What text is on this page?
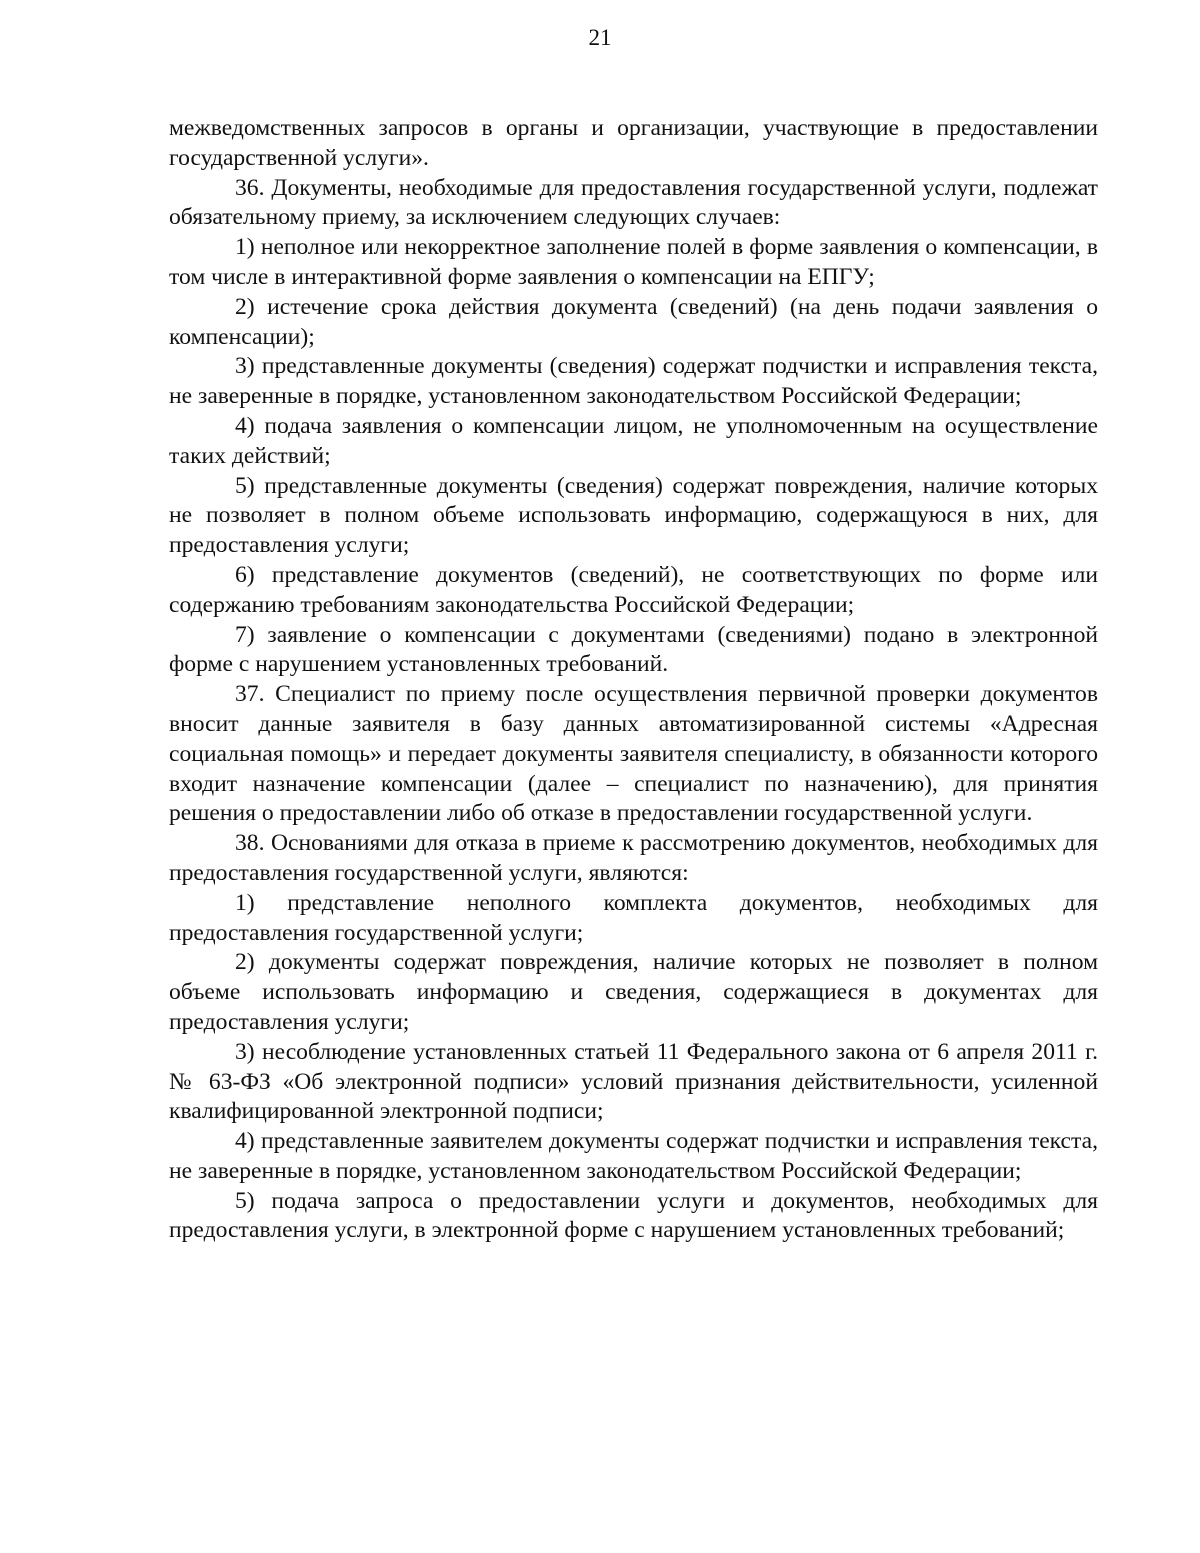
21

межведомственных запросов в органы и организации, участвующие в предоставлении государственной услуги».

36. Документы, необходимые для предоставления государственной услуги, подлежат обязательному приему, за исключением следующих случаев:

1) неполное или некорректное заполнение полей в форме заявления о компенсации, в том числе в интерактивной форме заявления о компенсации на ЕПГУ;

2) истечение срока действия документа (сведений) (на день подачи заявления о компенсации);

3) представленные документы (сведения) содержат подчистки и исправления текста, не заверенные в порядке, установленном законодательством Российской Федерации;

4) подача заявления о компенсации лицом, не уполномоченным на осуществление таких действий;

5) представленные документы (сведения) содержат повреждения, наличие которых не позволяет в полном объеме использовать информацию, содержащуюся в них, для предоставления услуги;

6) представление документов (сведений), не соответствующих по форме или содержанию требованиям законодательства Российской Федерации;

7) заявление о компенсации с документами (сведениями) подано в электронной форме с нарушением установленных требований.

37. Специалист по приему после осуществления первичной проверки документов вносит данные заявителя в базу данных автоматизированной системы «Адресная социальная помощь» и передает документы заявителя специалисту, в обязанности которого входит назначение компенсации (далее – специалист по назначению), для принятия решения о предоставлении либо об отказе в предоставлении государственной услуги.

38. Основаниями для отказа в приеме к рассмотрению документов, необходимых для предоставления государственной услуги, являются:

1) представление неполного комплекта документов, необходимых для предоставления государственной услуги;

2) документы содержат повреждения, наличие которых не позволяет в полном объеме использовать информацию и сведения, содержащиеся в документах для предоставления услуги;

3) несоблюдение установленных статьей 11 Федерального закона от 6 апреля 2011 г. № 63-ФЗ «Об электронной подписи» условий признания действительности, усиленной квалифицированной электронной подписи;

4) представленные заявителем документы содержат подчистки и исправления текста, не заверенные в порядке, установленном законодательством Российской Федерации;

5) подача запроса о предоставлении услуги и документов, необходимых для предоставления услуги, в электронной форме с нарушением установленных требований;
